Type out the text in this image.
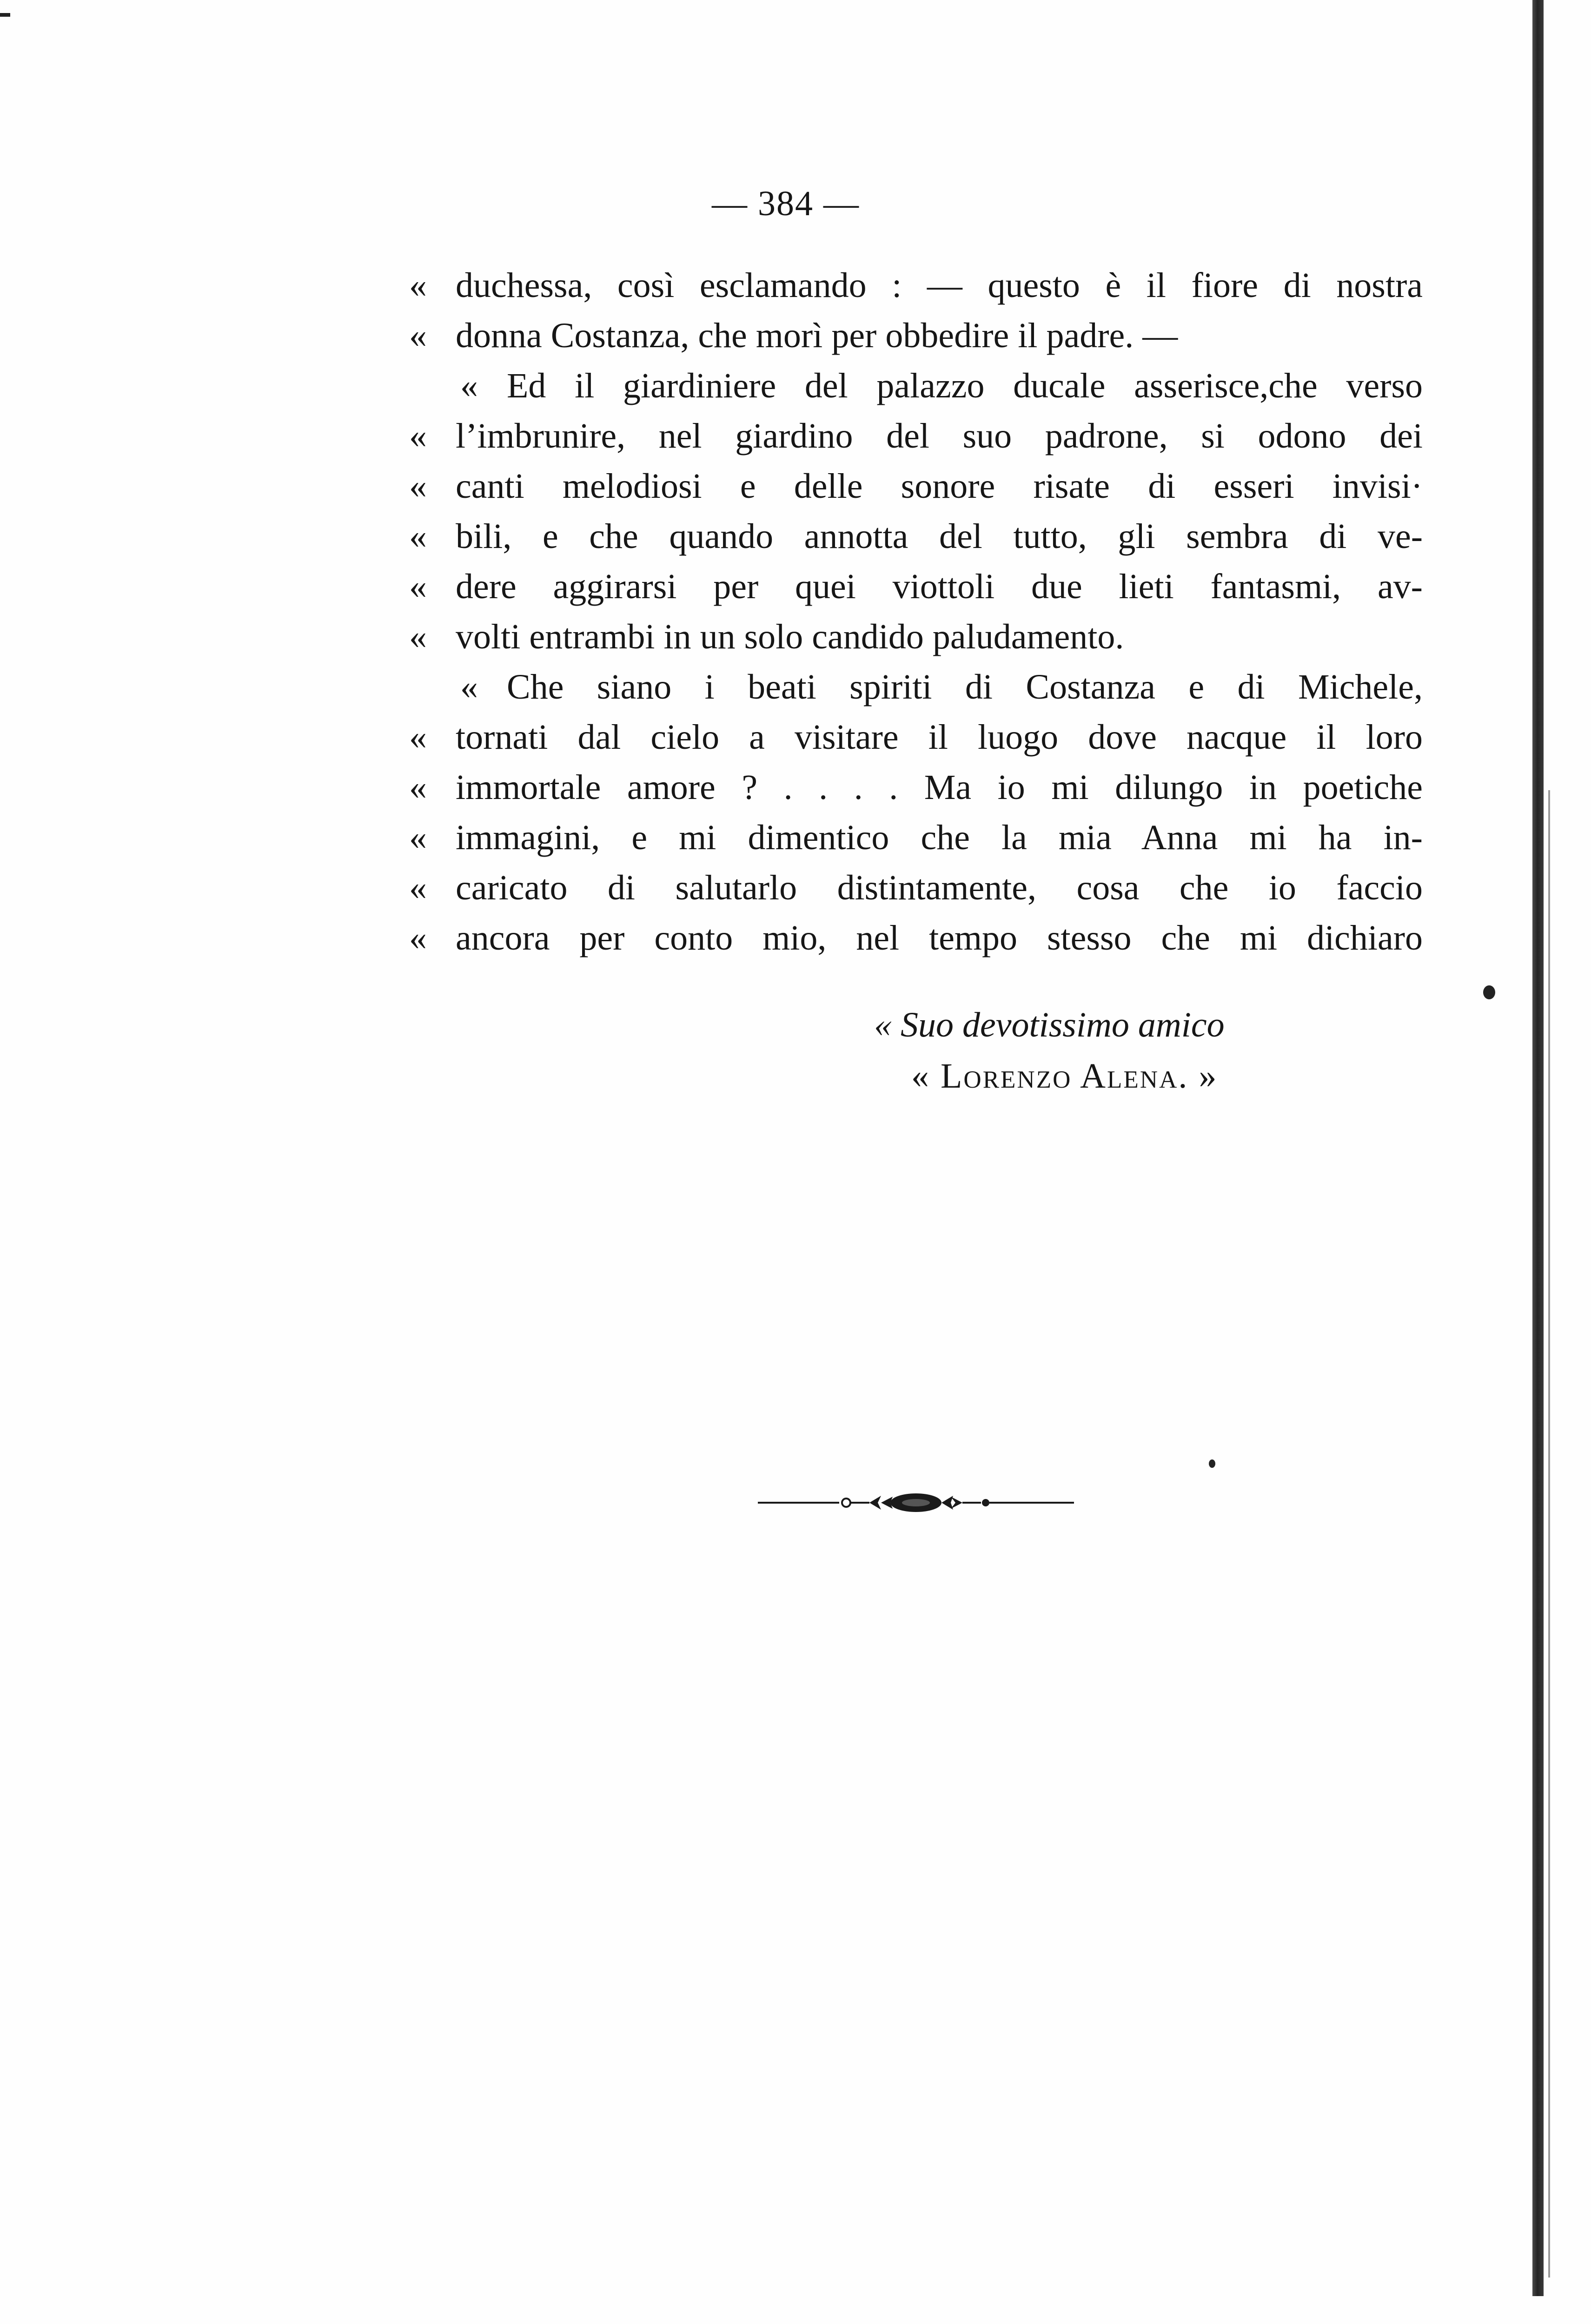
— 384 —
« duchessa, così esclamando : — questo è il fiore di nostra
« donna Costanza, che morì per obbedire il padre. —
« Ed il giardiniere del palazzo ducale asserisce,che verso
« l’imbrunire, nel giardino del suo padrone, si odono dei
« canti melodiosi e delle sonore risate di esseri invisi·
« bili, e che quando annotta del tutto, gli sembra di ve-
« dere aggirarsi per quei viottoli due lieti fantasmi, av-
« volti entrambi in un solo candido paludamento.
« Che siano i beati spiriti di Costanza e di Michele,
« tornati dal cielo a visitare il luogo dove nacque il loro
« immortale amore ? . . . . Ma io mi dilungo in poetiche
« immagini, e mi dimentico che la mia Anna mi ha in-
« caricato di salutarlo distintamente, cosa che io faccio
« ancora per conto mio, nel tempo stesso che mi dichiaro
« Suo devotissimo amico
« Lorenzo Alena. »
